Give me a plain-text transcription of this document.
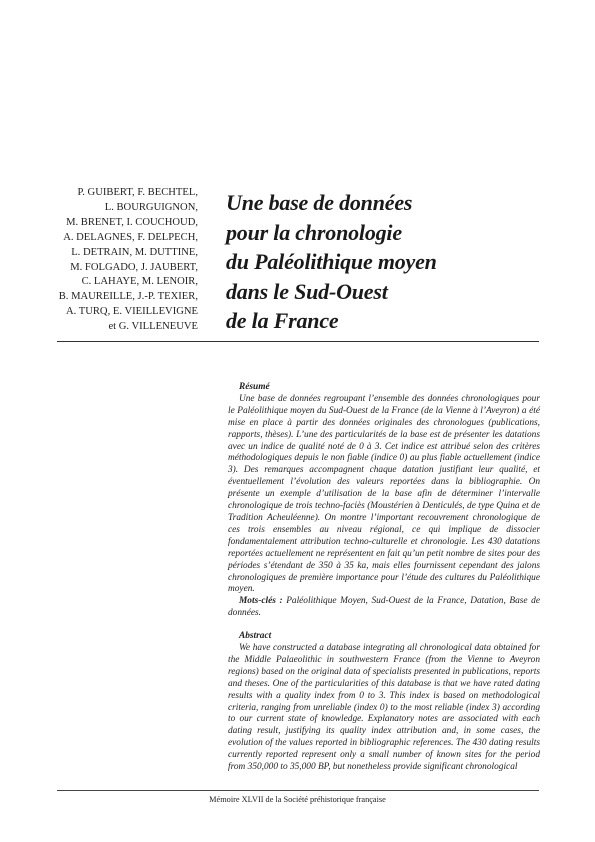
P. GUIBERT, F. BECHTEL,
L. BOURGUIGNON,
M. BRENET, I. COUCHOUD,
A. DELAGNES, F. DELPECH,
L. DETRAIN, M. DUTTINE,
M. FOLGADO, J. JAUBERT,
C. LAHAYE, M. LENOIR,
B. MAUREILLE, J.-P. TEXIER,
A. TURQ, E. VIEILLEVIGNE
et G. VILLENEUVE
Une base de données
pour la chronologie
du Paléolithique moyen
dans le Sud-Ouest
de la France
Résumé
Une base de données regroupant l’ensemble des données chronologiques pour le Paléolithique moyen du Sud-Ouest de la France (de la Vienne à l’Aveyron) a été mise en place à partir des données originales des chronologues (publications, rapports, thèses). L’une des particularités de la base est de présenter les datations avec un indice de qualité noté de 0 à 3. Cet indice est attribué selon des critères méthodologiques depuis le non fiable (indice 0) au plus fiable actuellement (indice 3). Des remarques accompagnent chaque datation justifiant leur qualité, et éventuellement l’évolution des valeurs reportées dans la bibliographie. On présente un exemple d’utilisation de la base afin de déterminer l’intervalle chronologique de trois techno-faciès (Moustérien à Denticulés, de type Quina et de Tradition Acheuléenne). On montre l’important recouvrement chronologique de ces trois ensembles au niveau régional, ce qui implique de dissocier fondamentalement attribution techno-culturelle et chronologie. Les 430 datations reportées actuellement ne représentent en fait qu’un petit nombre de sites pour des périodes s’étendant de 350 à 35 ka, mais elles fournissent cependant des jalons chronologiques de première importance pour l’étude des cultures du Paléolithique moyen.
Mots-clés : Paléolithique Moyen, Sud-Ouest de la France, Datation, Base de données.
Abstract
We have constructed a database integrating all chronological data obtained for the Middle Palaeolithic in southwestern France (from the Vienne to Aveyron regions) based on the original data of specialists presented in publications, reports and theses. One of the particularities of this database is that we have rated dating results with a quality index from 0 to 3. This index is based on methodological criteria, ranging from unreliable (index 0) to the most reliable (index 3) according to our current state of knowledge. Explanatory notes are associated with each dating result, justifying its quality index attribution and, in some cases, the evolution of the values reported in bibliographic references. The 430 dating results currently reported represent only a small number of known sites for the period from 350,000 to 35,000 BP, but nonetheless provide significant chronological
Mémoire XLVII de la Société préhistorique française
